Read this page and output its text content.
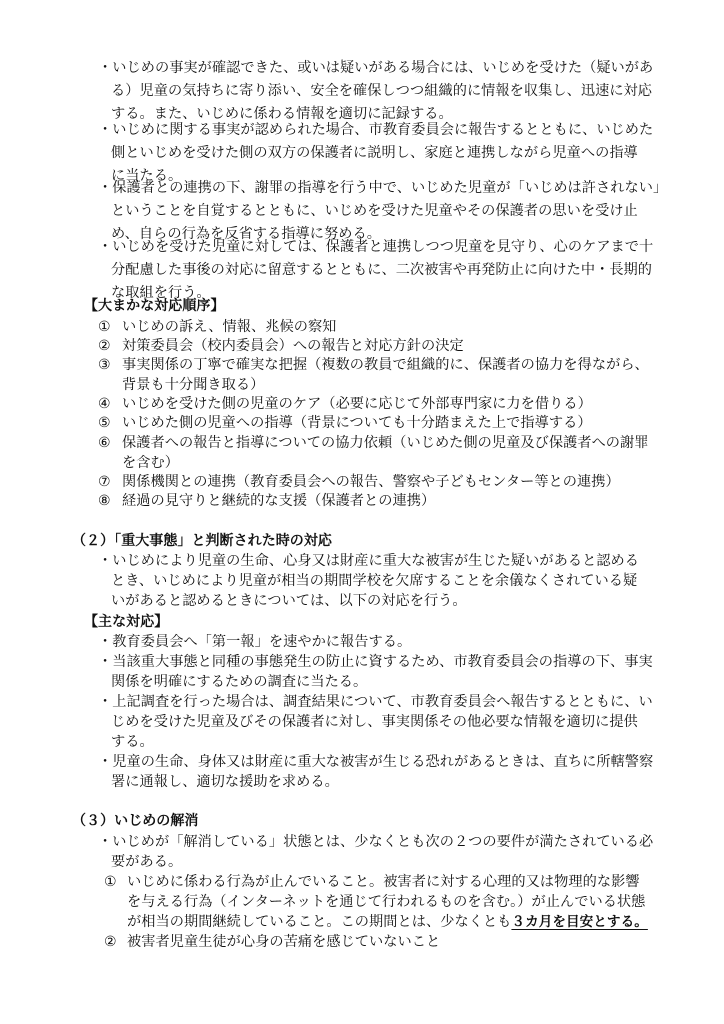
・いじめの事実が確認できた、或いは疑いがある場合には、いじめを受けた（疑いがあ
る）児童の気持ちに寄り添い、安全を確保しつつ組織的に情報を収集し、迅速に対応
する。また、いじめに係わる情報を適切に記録する。
・いじめに関する事実が認められた場合、市教育委員会に報告するとともに、いじめた
側といじめを受けた側の双方の保護者に説明し、家庭と連携しながら児童への指導
に当たる。
・保護者との連携の下、謝罪の指導を行う中で、いじめた児童が「いじめは許されない」
ということを自覚するとともに、いじめを受けた児童やその保護者の思いを受け止
め、自らの行為を反省する指導に努める。
・いじめを受けた児童に対しては、保護者と連携しつつ児童を見守り、心のケアまで十
分配慮した事後の対応に留意するとともに、二次被害や再発防止に向けた中・長期的
な取組を行う。
【大まかな対応順序】
① いじめの訴え、情報、兆候の察知
② 対策委員会（校内委員会）への報告と対応方針の決定
③ 事実関係の丁寧で確実な把握（複数の教員で組織的に、保護者の協力を得ながら、
背景も十分聞き取る）
④ いじめを受けた側の児童のケア（必要に応じて外部専門家に力を借りる）
⑤ いじめた側の児童への指導（背景についても十分踏まえた上で指導する）
⑥ 保護者への報告と指導についての協力依頼（いじめた側の児童及び保護者への謝罪
を含む）
⑦ 関係機関との連携（教育委員会への報告、警察や子どもセンター等との連携）
⑧ 経過の見守りと継続的な支援（保護者との連携）
（２）「重大事態」と判断された時の対応
・いじめにより児童の生命、心身又は財産に重大な被害が生じた疑いがあると認める
とき、いじめにより児童が相当の期間学校を欠席することを余儀なくされている疑
いがあると認めるときについては、以下の対応を行う。
【主な対応】
・教育委員会へ「第一報」を速やかに報告する。
・当該重大事態と同種の事態発生の防止に資するため、市教育委員会の指導の下、事実
関係を明確にするための調査に当たる。
・上記調査を行った場合は、調査結果について、市教育委員会へ報告するとともに、い
じめを受けた児童及びその保護者に対し、事実関係その他必要な情報を適切に提供
する。
・児童の生命、身体又は財産に重大な被害が生じる恐れがあるときは、直ちに所轄警察
署に通報し、適切な援助を求める。
（３）いじめの解消
・いじめが「解消している」状態とは、少なくとも次の２つの要件が満たされている必
要がある。
① いじめに係わる行為が止んでいること。被害者に対する心理的又は物理的な影響
を与える行為（インターネットを通じて行われるものを含む。）が止んでいる状態
が相当の期間継続していること。この期間とは、少なくとも３カ月を目安とする。
② 被害者児童生徒が心身の苦痛を感じていないこと
